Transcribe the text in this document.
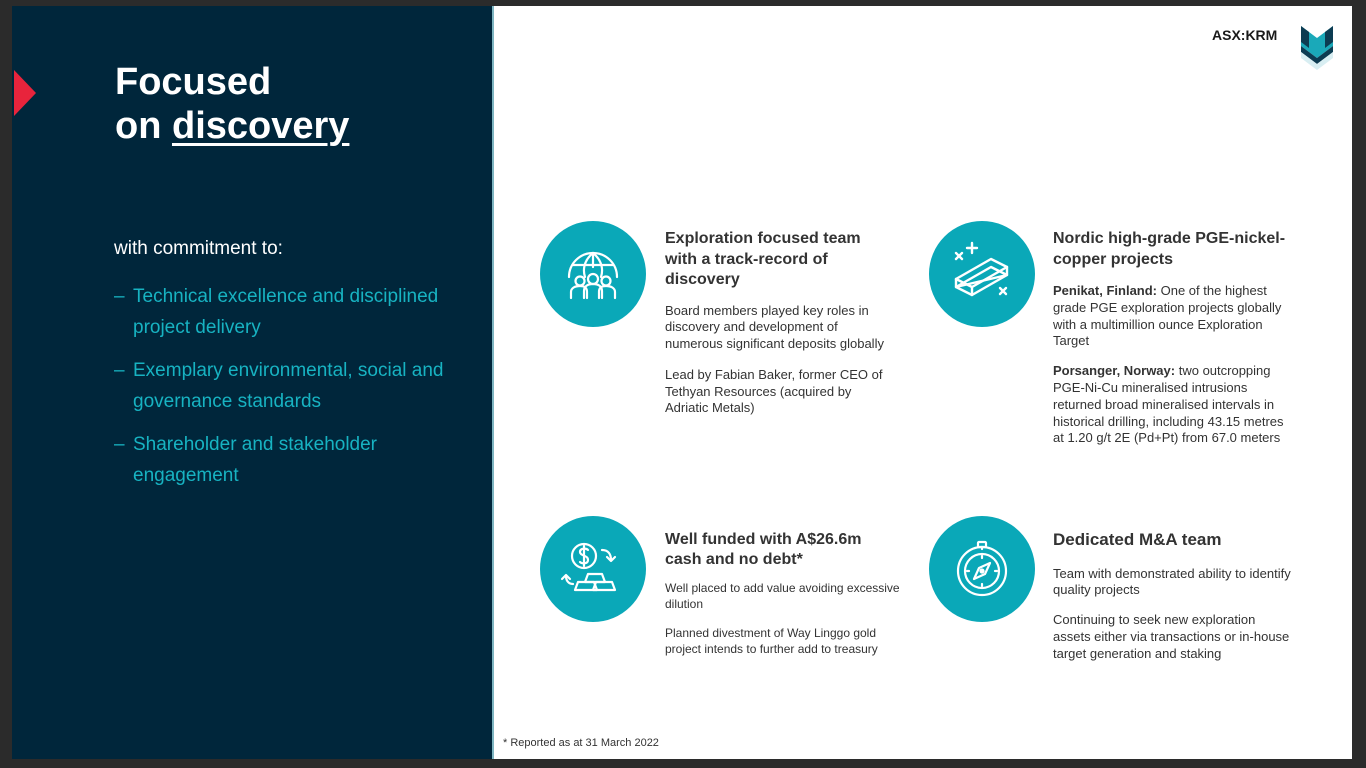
Focused
on discovery

with commitment to:

– Technical excellence and disciplined project delivery
– Exemplary environmental, social and governance standards
– Shareholder and stakeholder engagement

ASX:KRM

Exploration focused team with a track-record of discovery

Board members played key roles in discovery and development of numerous significant deposits globally

Lead by Fabian Baker, former CEO of Tethyan Resources (acquired by Adriatic Metals)

Nordic high-grade PGE-nickel-copper projects

Penikat, Finland: One of the highest grade PGE exploration projects globally with a multimillion ounce Exploration Target

Porsanger, Norway: two outcropping PGE-Ni-Cu mineralised intrusions returned broad mineralised intervals in historical drilling, including 43.15 metres at 1.20 g/t 2E (Pd+Pt) from 67.0 meters

Well funded with A$26.6m cash and no debt*

Well placed to add value avoiding excessive dilution

Planned divestment of Way Linggo gold project intends to further add to treasury

Dedicated M&A team

Team with demonstrated ability to identify quality projects

Continuing to seek new exploration assets either via transactions or in-house target generation and staking

* Reported as at 31 March 2022
